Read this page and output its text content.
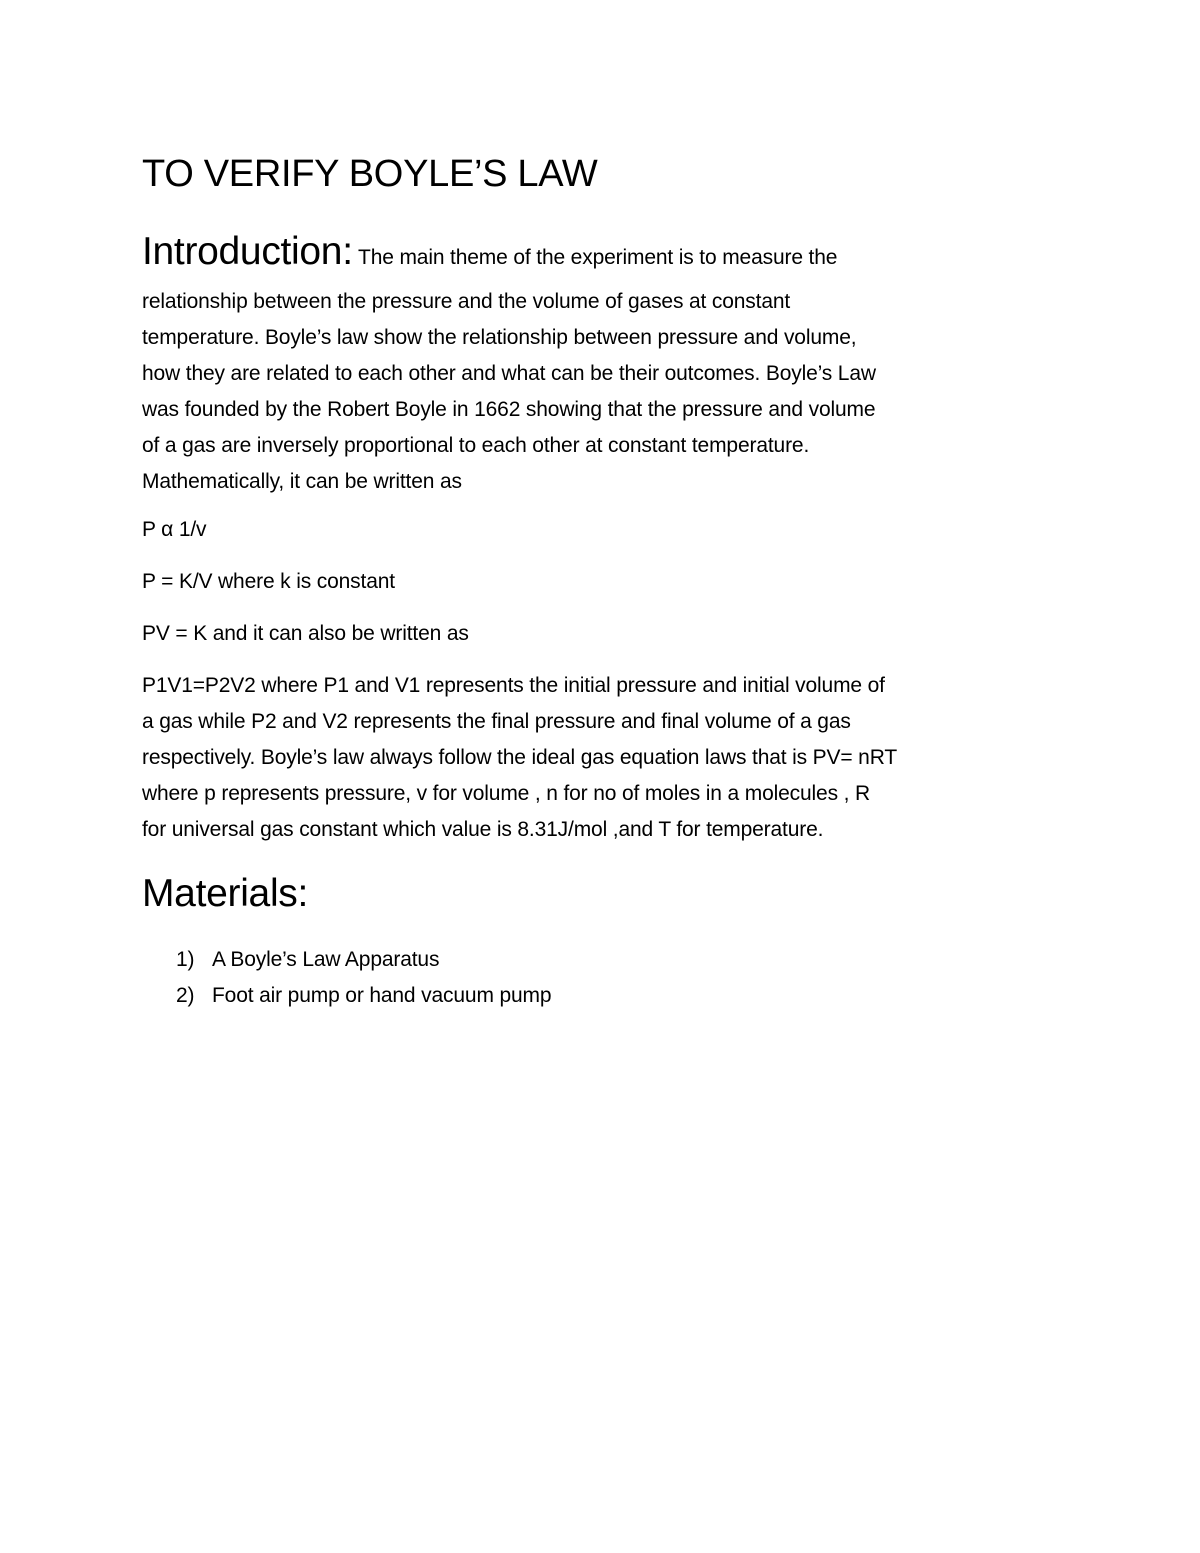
TO VERIFY BOYLE’S LAW
Introduction: The main theme of the experiment is to measure the
relationship between the pressure and the volume of gases at constant
temperature. Boyle’s law show the relationship between pressure and volume,
how they are related to each other and what can be their outcomes. Boyle’s Law
was founded by the Robert Boyle in 1662 showing that the pressure and volume
of a gas are inversely proportional to each other at constant temperature.
Mathematically, it can be written as
P α 1/v
P = K/V where k is constant
PV = K and it can also be written as
P1V1=P2V2 where P1 and V1 represents the initial pressure and initial volume of
a gas while P2 and V2 represents the final pressure and final volume of a gas
respectively. Boyle’s law always follow the ideal gas equation laws that is PV= nRT
where p represents pressure, v for volume , n for no of moles in a molecules , R
for universal gas constant which value is 8.31J/mol ,and T for temperature.
Materials:
1) A Boyle’s Law Apparatus
2) Foot air pump or hand vacuum pump
